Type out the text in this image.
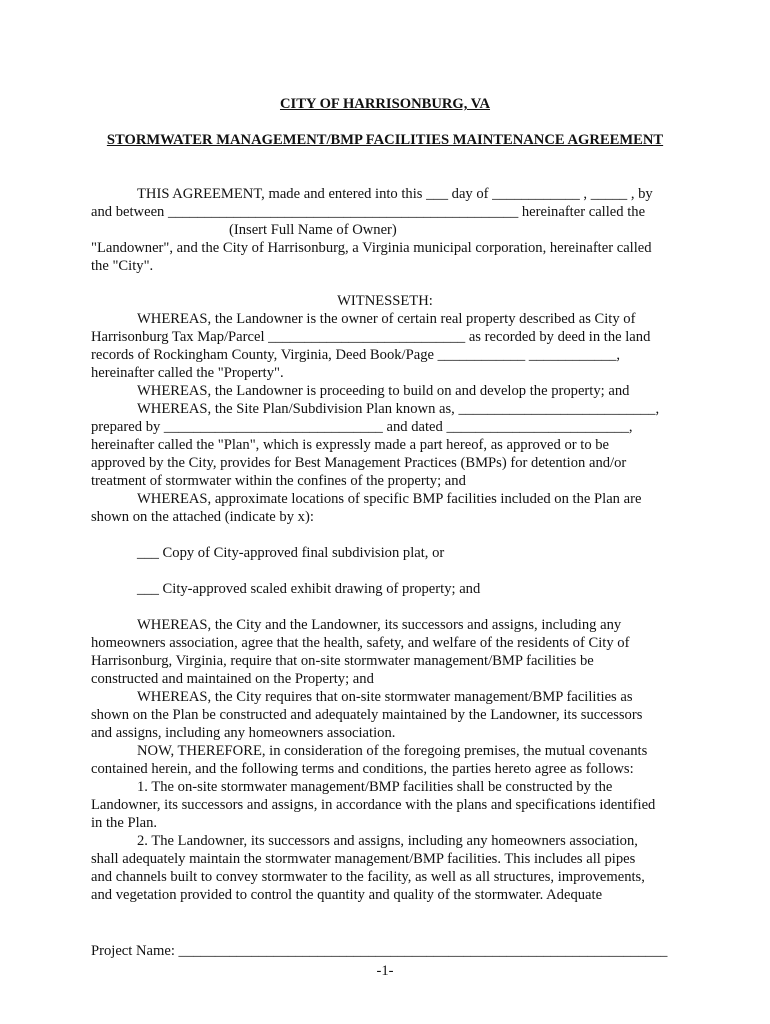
CITY OF HARRISONBURG, VA
STORMWATER MANAGEMENT/BMP FACILITIES MAINTENANCE AGREEMENT
THIS AGREEMENT, made and entered into this ___ day of ____________ , _____ , by
and between ________________________________________________ hereinafter called the
(Insert Full Name of Owner)
"Landowner", and the City of Harrisonburg, a Virginia municipal corporation, hereinafter called
the "City".
WITNESSETH:
WHEREAS, the Landowner is the owner of certain real property described as City of
Harrisonburg Tax Map/Parcel ___________________________ as recorded by deed in the land
records of Rockingham County, Virginia, Deed Book/Page ____________ ____________,
hereinafter called the "Property".
WHEREAS, the Landowner is proceeding to build on and develop the property; and
WHEREAS, the Site Plan/Subdivision Plan known as, ___________________________,
prepared by ______________________________ and dated _________________________,
hereinafter called the "Plan", which is expressly made a part hereof, as approved or to be
approved by the City, provides for Best Management Practices (BMPs) for detention and/or
treatment of stormwater within the confines of the property; and
WHEREAS, approximate locations of specific BMP facilities included on the Plan are
shown on the attached (indicate by x):
___ Copy of City-approved final subdivision plat, or
___ City-approved scaled exhibit drawing of property; and
WHEREAS, the City and the Landowner, its successors and assigns, including any
homeowners association, agree that the health, safety, and welfare of the residents of City of
Harrisonburg, Virginia, require that on-site stormwater management/BMP facilities be
constructed and maintained on the Property; and
WHEREAS, the City requires that on-site stormwater management/BMP facilities as
shown on the Plan be constructed and adequately maintained by the Landowner, its successors
and assigns, including any homeowners association.
NOW, THEREFORE, in consideration of the foregoing premises, the mutual covenants
contained herein, and the following terms and conditions, the parties hereto agree as follows:
1. The on-site stormwater management/BMP facilities shall be constructed by the
Landowner, its successors and assigns, in accordance with the plans and specifications identified
in the Plan.
2. The Landowner, its successors and assigns, including any homeowners association,
shall adequately maintain the stormwater management/BMP facilities. This includes all pipes
and channels built to convey stormwater to the facility, as well as all structures, improvements,
and vegetation provided to control the quantity and quality of the stormwater. Adequate
Project Name: ___________________________________________________________________
-1-
